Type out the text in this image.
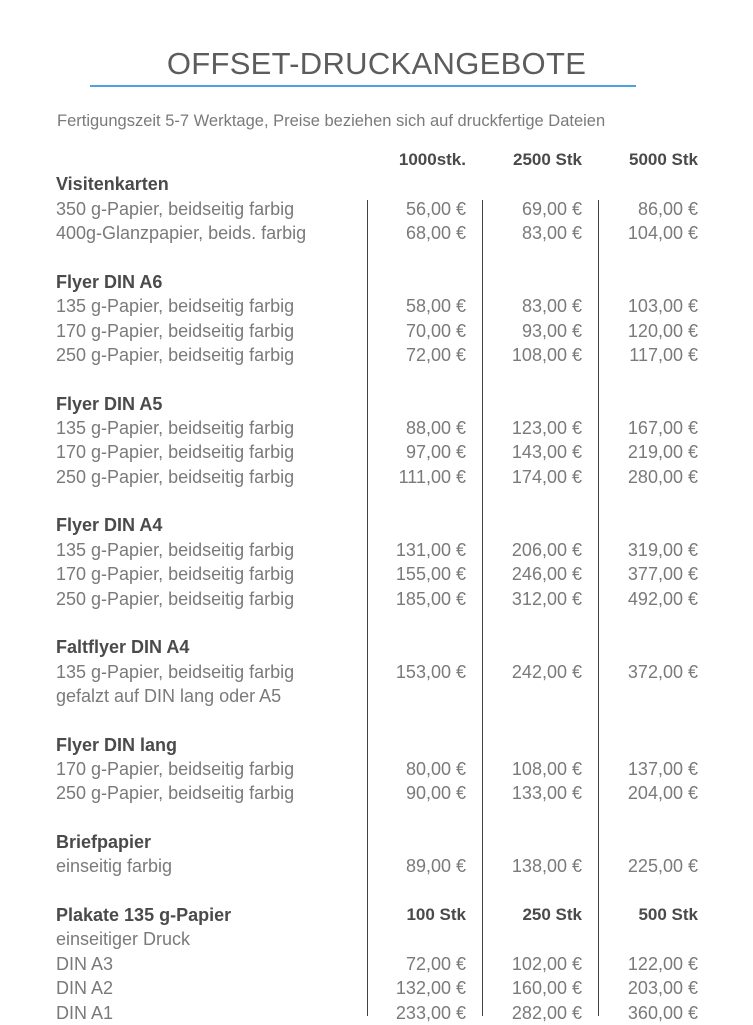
OFFSET-DRUCKANGEBOTE
Fertigungszeit 5-7 Werktage, Preise beziehen sich auf druckfertige Dateien
1000stk.	2500 Stk	5000 Stk
Visitenkarten
350 g-Papier, beidseitig farbig	56,00 €	69,00 €	86,00 €
400g-Glanzpapier, beids. farbig	68,00 €	83,00 €	104,00 €
Flyer DIN A6
135 g-Papier, beidseitig farbig	58,00 €	83,00 €	103,00 €
170 g-Papier, beidseitig farbig	70,00 €	93,00 €	120,00 €
250 g-Papier, beidseitig farbig	72,00 €	108,00 €	117,00 €
Flyer DIN A5
135 g-Papier, beidseitig farbig	88,00 €	123,00 €	167,00 €
170 g-Papier, beidseitig farbig	97,00 €	143,00 €	219,00 €
250 g-Papier, beidseitig farbig	111,00 €	174,00 €	280,00 €
Flyer DIN A4
135 g-Papier, beidseitig farbig	131,00 €	206,00 €	319,00 €
170 g-Papier, beidseitig farbig	155,00 €	246,00 €	377,00 €
250 g-Papier, beidseitig farbig	185,00 €	312,00 €	492,00 €
Faltflyer DIN A4
135 g-Papier, beidseitig farbig	153,00 €	242,00 €	372,00 €
gefalzt auf DIN lang oder A5
Flyer DIN lang
170 g-Papier, beidseitig farbig	80,00 €	108,00 €	137,00 €
250 g-Papier, beidseitig farbig	90,00 €	133,00 €	204,00 €
Briefpapier
einseitig farbig	89,00 €	138,00 €	225,00 €
Plakate 135 g-Papier	100 Stk	250 Stk	500 Stk
einseitiger Druck
DIN A3	72,00 €	102,00 €	122,00 €
DIN A2	132,00 €	160,00 €	203,00 €
DIN A1	233,00 €	282,00 €	360,00 €
